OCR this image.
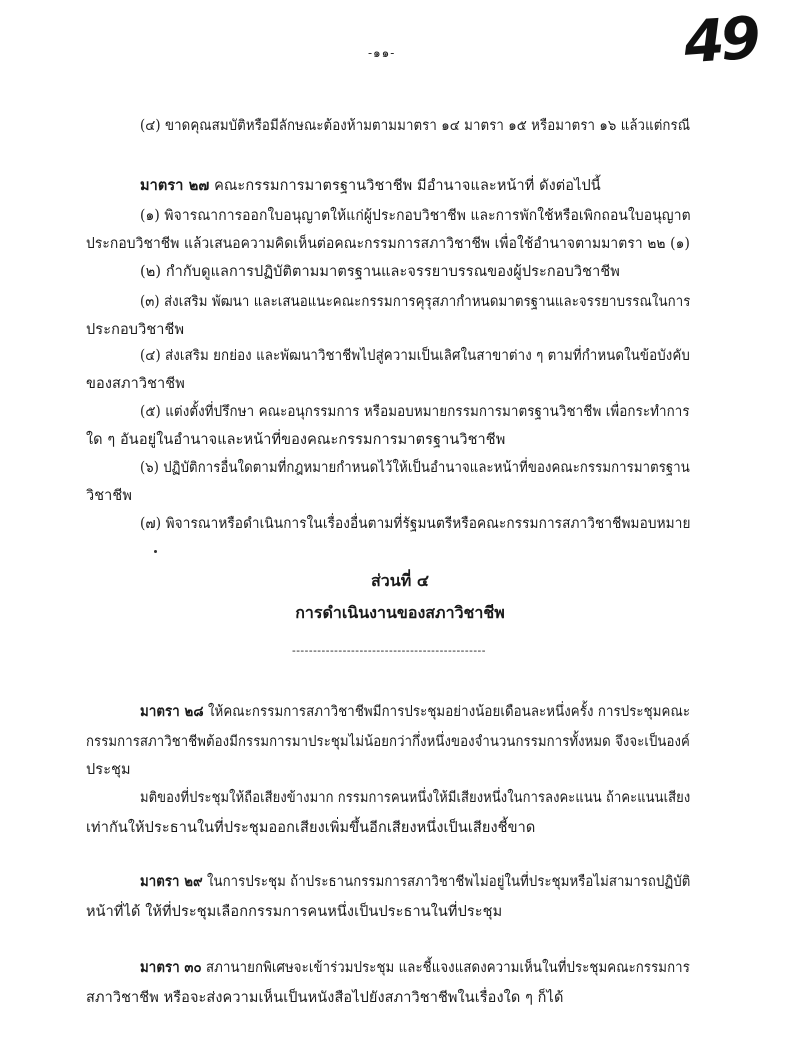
-๑๑-	49
(๔) ขาดคุณสมบัติหรือมีลักษณะต้องห้ามตามมาตรา ๑๔ มาตรา ๑๕ หรือมาตรา ๑๖ แล้วแต่กรณี
มาตรา ๒๗ คณะกรรมการมาตรฐานวิชาชีพ มีอำนาจและหน้าที่ ดังต่อไปนี้
(๑) พิจารณาการออกใบอนุญาตให้แก่ผู้ประกอบวิชาชีพ และการพักใช้หรือเพิกถอนใบอนุญาต
ประกอบวิชาชีพ แล้วเสนอความคิดเห็นต่อคณะกรรมการสภาวิชาชีพ เพื่อใช้อำนาจตามมาตรา ๒๒ (๑)
(๒) กำกับดูแลการปฏิบัติตามมาตรฐานและจรรยาบรรณของผู้ประกอบวิชาชีพ
(๓) ส่งเสริม พัฒนา และเสนอแนะคณะกรรมการคุรุสภากำหนดมาตรฐานและจรรยาบรรณในการ
ประกอบวิชาชีพ
(๔) ส่งเสริม ยกย่อง และพัฒนาวิชาชีพไปสู่ความเป็นเลิศในสาขาต่าง ๆ ตามที่กำหนดในข้อบังคับ
ของสภาวิชาชีพ
(๕) แต่งตั้งที่ปรึกษา คณะอนุกรรมการ หรือมอบหมายกรรมการมาตรฐานวิชาชีพ เพื่อกระทำการ
ใด ๆ อันอยู่ในอำนาจและหน้าที่ของคณะกรรมการมาตรฐานวิชาชีพ
(๖) ปฏิบัติการอื่นใดตามที่กฎหมายกำหนดไว้ให้เป็นอำนาจและหน้าที่ของคณะกรรมการมาตรฐาน
วิชาชีพ
(๗) พิจารณาหรือดำเนินการในเรื่องอื่นตามที่รัฐมนตรีหรือคณะกรรมการสภาวิชาชีพมอบหมาย
ส่วนที่ ๔
การดำเนินงานของสภาวิชาชีพ
----------------------------------------------
มาตรา ๒๘ ให้คณะกรรมการสภาวิชาชีพมีการประชุมอย่างน้อยเดือนละหนึ่งครั้ง การประชุมคณะ
กรรมการสภาวิชาชีพต้องมีกรรมการมาประชุมไม่น้อยกว่ากึ่งหนึ่งของจำนวนกรรมการทั้งหมด จึงจะเป็นองค์
ประชุม
มติของที่ประชุมให้ถือเสียงข้างมาก กรรมการคนหนึ่งให้มีเสียงหนึ่งในการลงคะแนน ถ้าคะแนนเสียง
เท่ากันให้ประธานในที่ประชุมออกเสียงเพิ่มขึ้นอีกเสียงหนึ่งเป็นเสียงชี้ขาด
มาตรา ๒๙ ในการประชุม ถ้าประธานกรรมการสภาวิชาชีพไม่อยู่ในที่ประชุมหรือไม่สามารถปฏิบัติ
หน้าที่ได้ ให้ที่ประชุมเลือกกรรมการคนหนึ่งเป็นประธานในที่ประชุม
มาตรา ๓๐ สภานายกพิเศษจะเข้าร่วมประชุม และชี้แจงแสดงความเห็นในที่ประชุมคณะกรรมการ
สภาวิชาชีพ หรือจะส่งความเห็นเป็นหนังสือไปยังสภาวิชาชีพในเรื่องใด ๆ ก็ได้
